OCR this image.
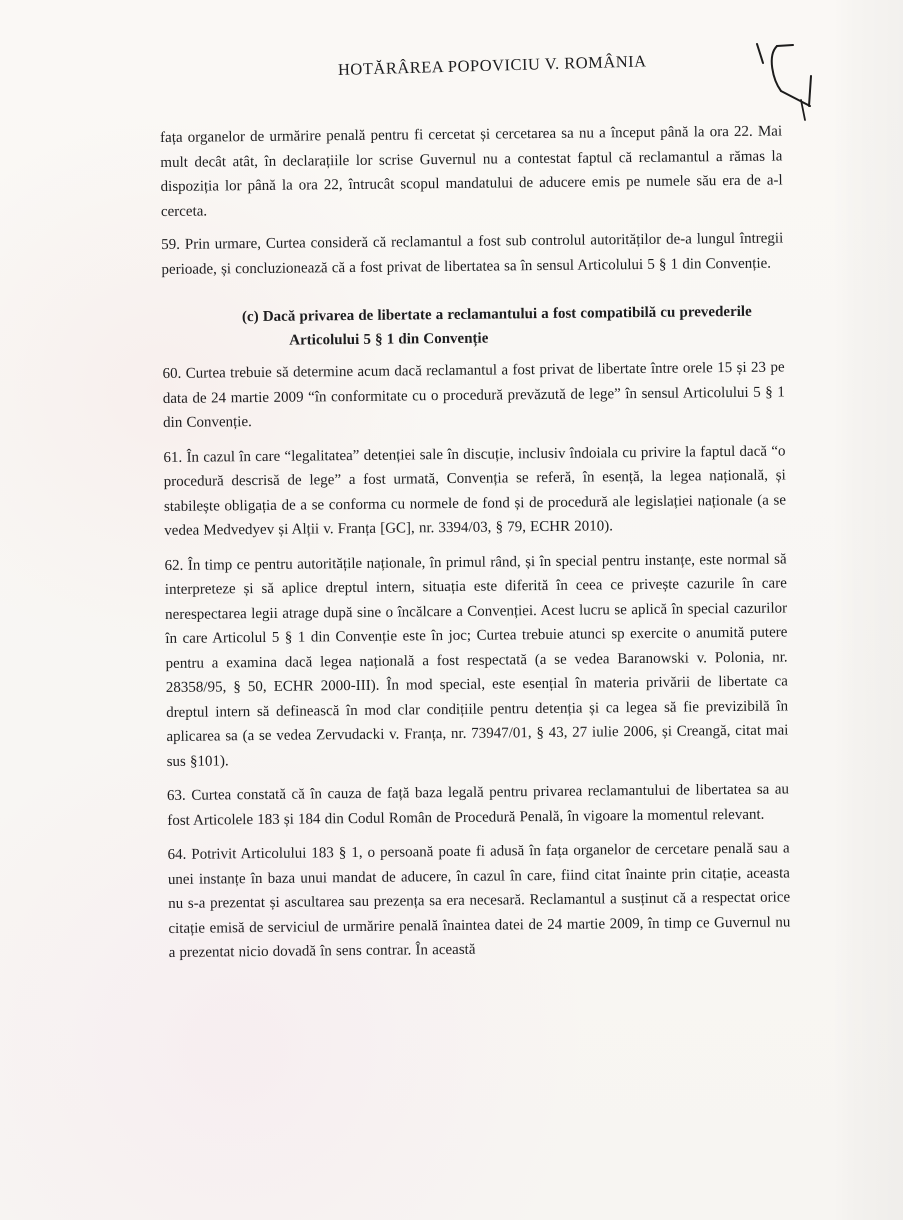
HOTĂRÂREA POPOVICIU V. ROMÂNIA

fața organelor de urmărire penală pentru fi cercetat și cercetarea sa nu a început până la ora 22. Mai mult decât atât, în declarațiile lor scrise Guvernul nu a contestat faptul că reclamantul a rămas la dispoziția lor până la ora 22, întrucât scopul mandatului de aducere emis pe numele său era de a-l cerceta.

59. Prin urmare, Curtea consideră că reclamantul a fost sub controlul autorităților de-a lungul întregii perioade, și concluzionează că a fost privat de libertatea sa în sensul Articolului 5 § 1 din Convenție.

(c) Dacă privarea de libertate a reclamantului a fost compatibilă cu prevederile
Articolului 5 § 1 din Convenție

60. Curtea trebuie să determine acum dacă reclamantul a fost privat de libertate între orele 15 și 23 pe data de 24 martie 2009 “în conformitate cu o procedură prevăzută de lege” în sensul Articolului 5 § 1 din Convenție.

61. În cazul în care “legalitatea” detenției sale în discuție, inclusiv îndoiala cu privire la faptul dacă “o procedură descrisă de lege” a fost urmată, Convenția se referă, în esență, la legea națională, și stabilește obligația de a se conforma cu normele de fond și de procedură ale legislației naționale (a se vedea Medvedyev și Alții v. Franța [GC], nr. 3394/03, § 79, ECHR 2010).

62. În timp ce pentru autoritățile naționale, în primul rând, și în special pentru instanțe, este normal să interpreteze și să aplice dreptul intern, situația este diferită în ceea ce privește cazurile în care nerespectarea legii atrage după sine o încălcare a Convenției. Acest lucru se aplică în special cazurilor în care Articolul 5 § 1 din Convenție este în joc; Curtea trebuie atunci sp exercite o anumită putere pentru a examina dacă legea națională a fost respectată (a se vedea Baranowski v. Polonia, nr. 28358/95, § 50, ECHR 2000-III). În mod special, este esențial în materia privării de libertate ca dreptul intern să definească în mod clar condițiile pentru detenția și ca legea să fie previzibilă în aplicarea sa (a se vedea Zervudacki v. Franța, nr. 73947/01, § 43, 27 iulie 2006, și Creangă, citat mai sus §101).

63. Curtea constată că în cauza de față baza legală pentru privarea reclamantului de libertatea sa au fost Articolele 183 și 184 din Codul Român de Procedură Penală, în vigoare la momentul relevant.

64. Potrivit Articolului 183 § 1, o persoană poate fi adusă în fața organelor de cercetare penală sau a unei instanțe în baza unui mandat de aducere, în cazul în care, fiind citat înainte prin citație, aceasta nu s-a prezentat și ascultarea sau prezența sa era necesară. Reclamantul a susținut că a respectat orice citație emisă de serviciul de urmărire penală înaintea datei de 24 martie 2009, în timp ce Guvernul nu a prezentat nicio dovadă în sens contrar. În această
